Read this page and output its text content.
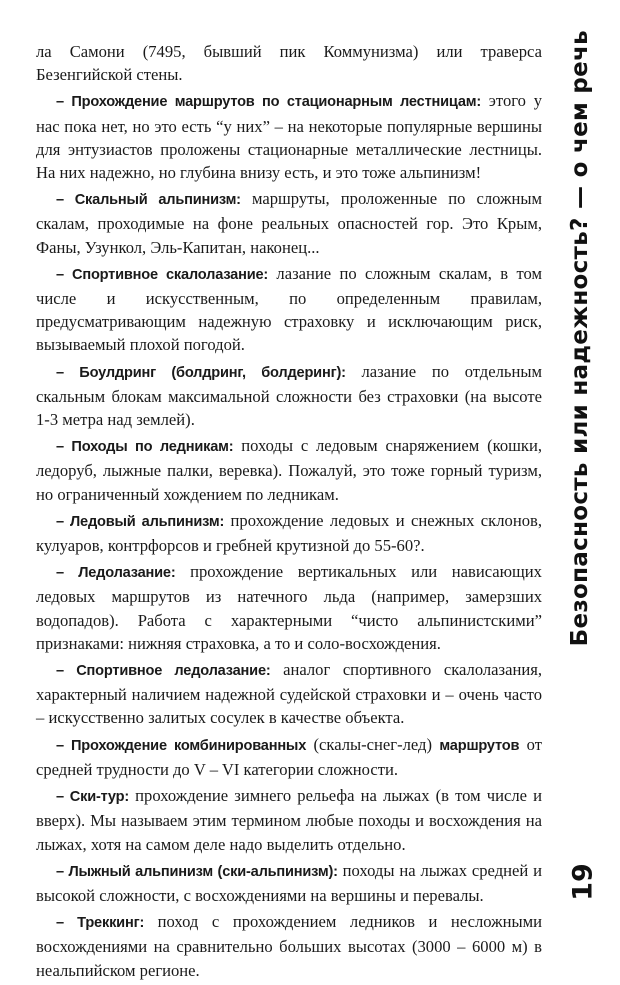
ла Самони (7495, бывший пик Коммунизма) или траверса Безенгийской стены.

– Прохождение маршрутов по стационарным лестницам: этого у нас пока нет, но это есть “у них” – на некоторые популярные вершины для энтузиастов проложены стационарные металлические лестницы. На них надежно, но глубина внизу есть, и это тоже альпинизм!

– Скальный альпинизм: маршруты, проложенные по сложным скалам, проходимые на фоне реальных опасностей гор. Это Крым, Фаны, Узункол, Эль-Капитан, наконец...

– Спортивное скалолазание: лазание по сложным скалам, в том числе и искусственным, по определенным правилам, предусматривающим надежную страховку и исключающим риск, вызываемый плохой погодой.

– Боулдринг (болдринг, болдеринг): лазание по отдельным скальным блокам максимальной сложности без страховки (на высоте 1-3 метра над землей).

– Походы по ледникам: походы с ледовым снаряжением (кошки, ледоруб, лыжные палки, веревка). Пожалуй, это тоже горный туризм, но ограниченный хождением по ледникам.

– Ледовый альпинизм: прохождение ледовых и снежных склонов, кулуаров, контрфорсов и гребней крутизной до 55-60?.

– Ледолазание: прохождение вертикальных или нависающих ледовых маршрутов из натечного льда (например, замерзших водопадов). Работа с характерными “чисто альпинистскими” признаками: нижняя страховка, а то и соло-восхождения.

– Спортивное ледолазание: аналог спортивного скалолазания, характерный наличием надежной судейской страховки и – очень часто – искусственно залитых сосулек в качестве объекта.

– Прохождение комбинированных (скалы-снег-лед) маршрутов от средней трудности до V – VI категории сложности.

– Ски-тур: прохождение зимнего рельефа на лыжах (в том числе и вверх). Мы называем этим термином любые походы и восхождения на лыжах, хотя на самом деле надо выделить отдельно.

– Лыжный альпинизм (ски-альпинизм): походы на лыжах средней и высокой сложности, с восхождениями на вершины и перевалы.

– Треккинг: поход с прохождением ледников и несложными восхождениями на сравнительно больших высотах (3000 – 6000 м) в неальпийском регионе.

Безопасность или надежность? — о чем речь
19
